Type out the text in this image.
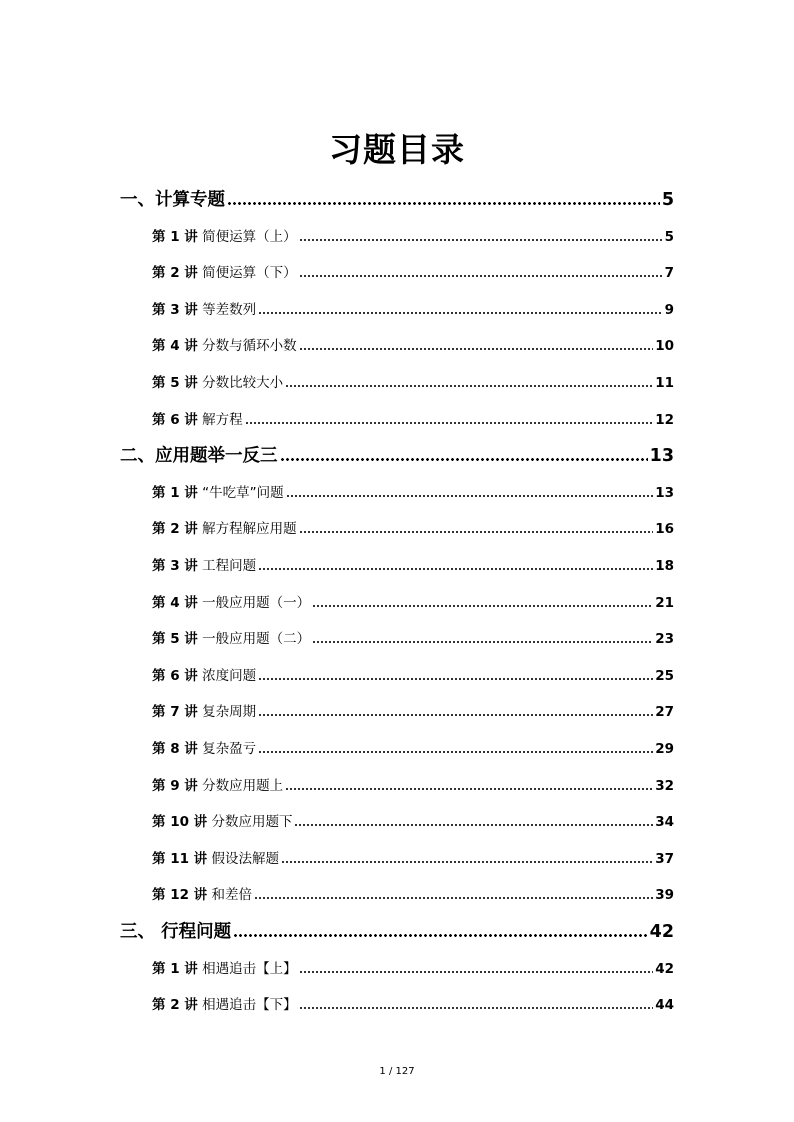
习题目录
一、计算专题	5
第 1 讲 简便运算（上）	5
第 2 讲 简便运算（下）	7
第 3 讲 等差数列	9
第 4 讲 分数与循环小数	10
第 5 讲 分数比较大小	11
第 6 讲 解方程	12
二、应用题举一反三	13
第 1 讲 “牛吃草”问题	13
第 2 讲 解方程解应用题	16
第 3 讲 工程问题	18
第 4 讲 一般应用题（一）	21
第 5 讲 一般应用题（二）	23
第 6 讲 浓度问题	25
第 7 讲 复杂周期	27
第 8 讲 复杂盈亏	29
第 9 讲 分数应用题上	32
第 10 讲 分数应用题下	34
第 11 讲 假设法解题	37
第 12 讲 和差倍	39
三、 行程问题	42
第 1 讲 相遇追击【上】	42
第 2 讲 相遇追击【下】	44
1 / 127
